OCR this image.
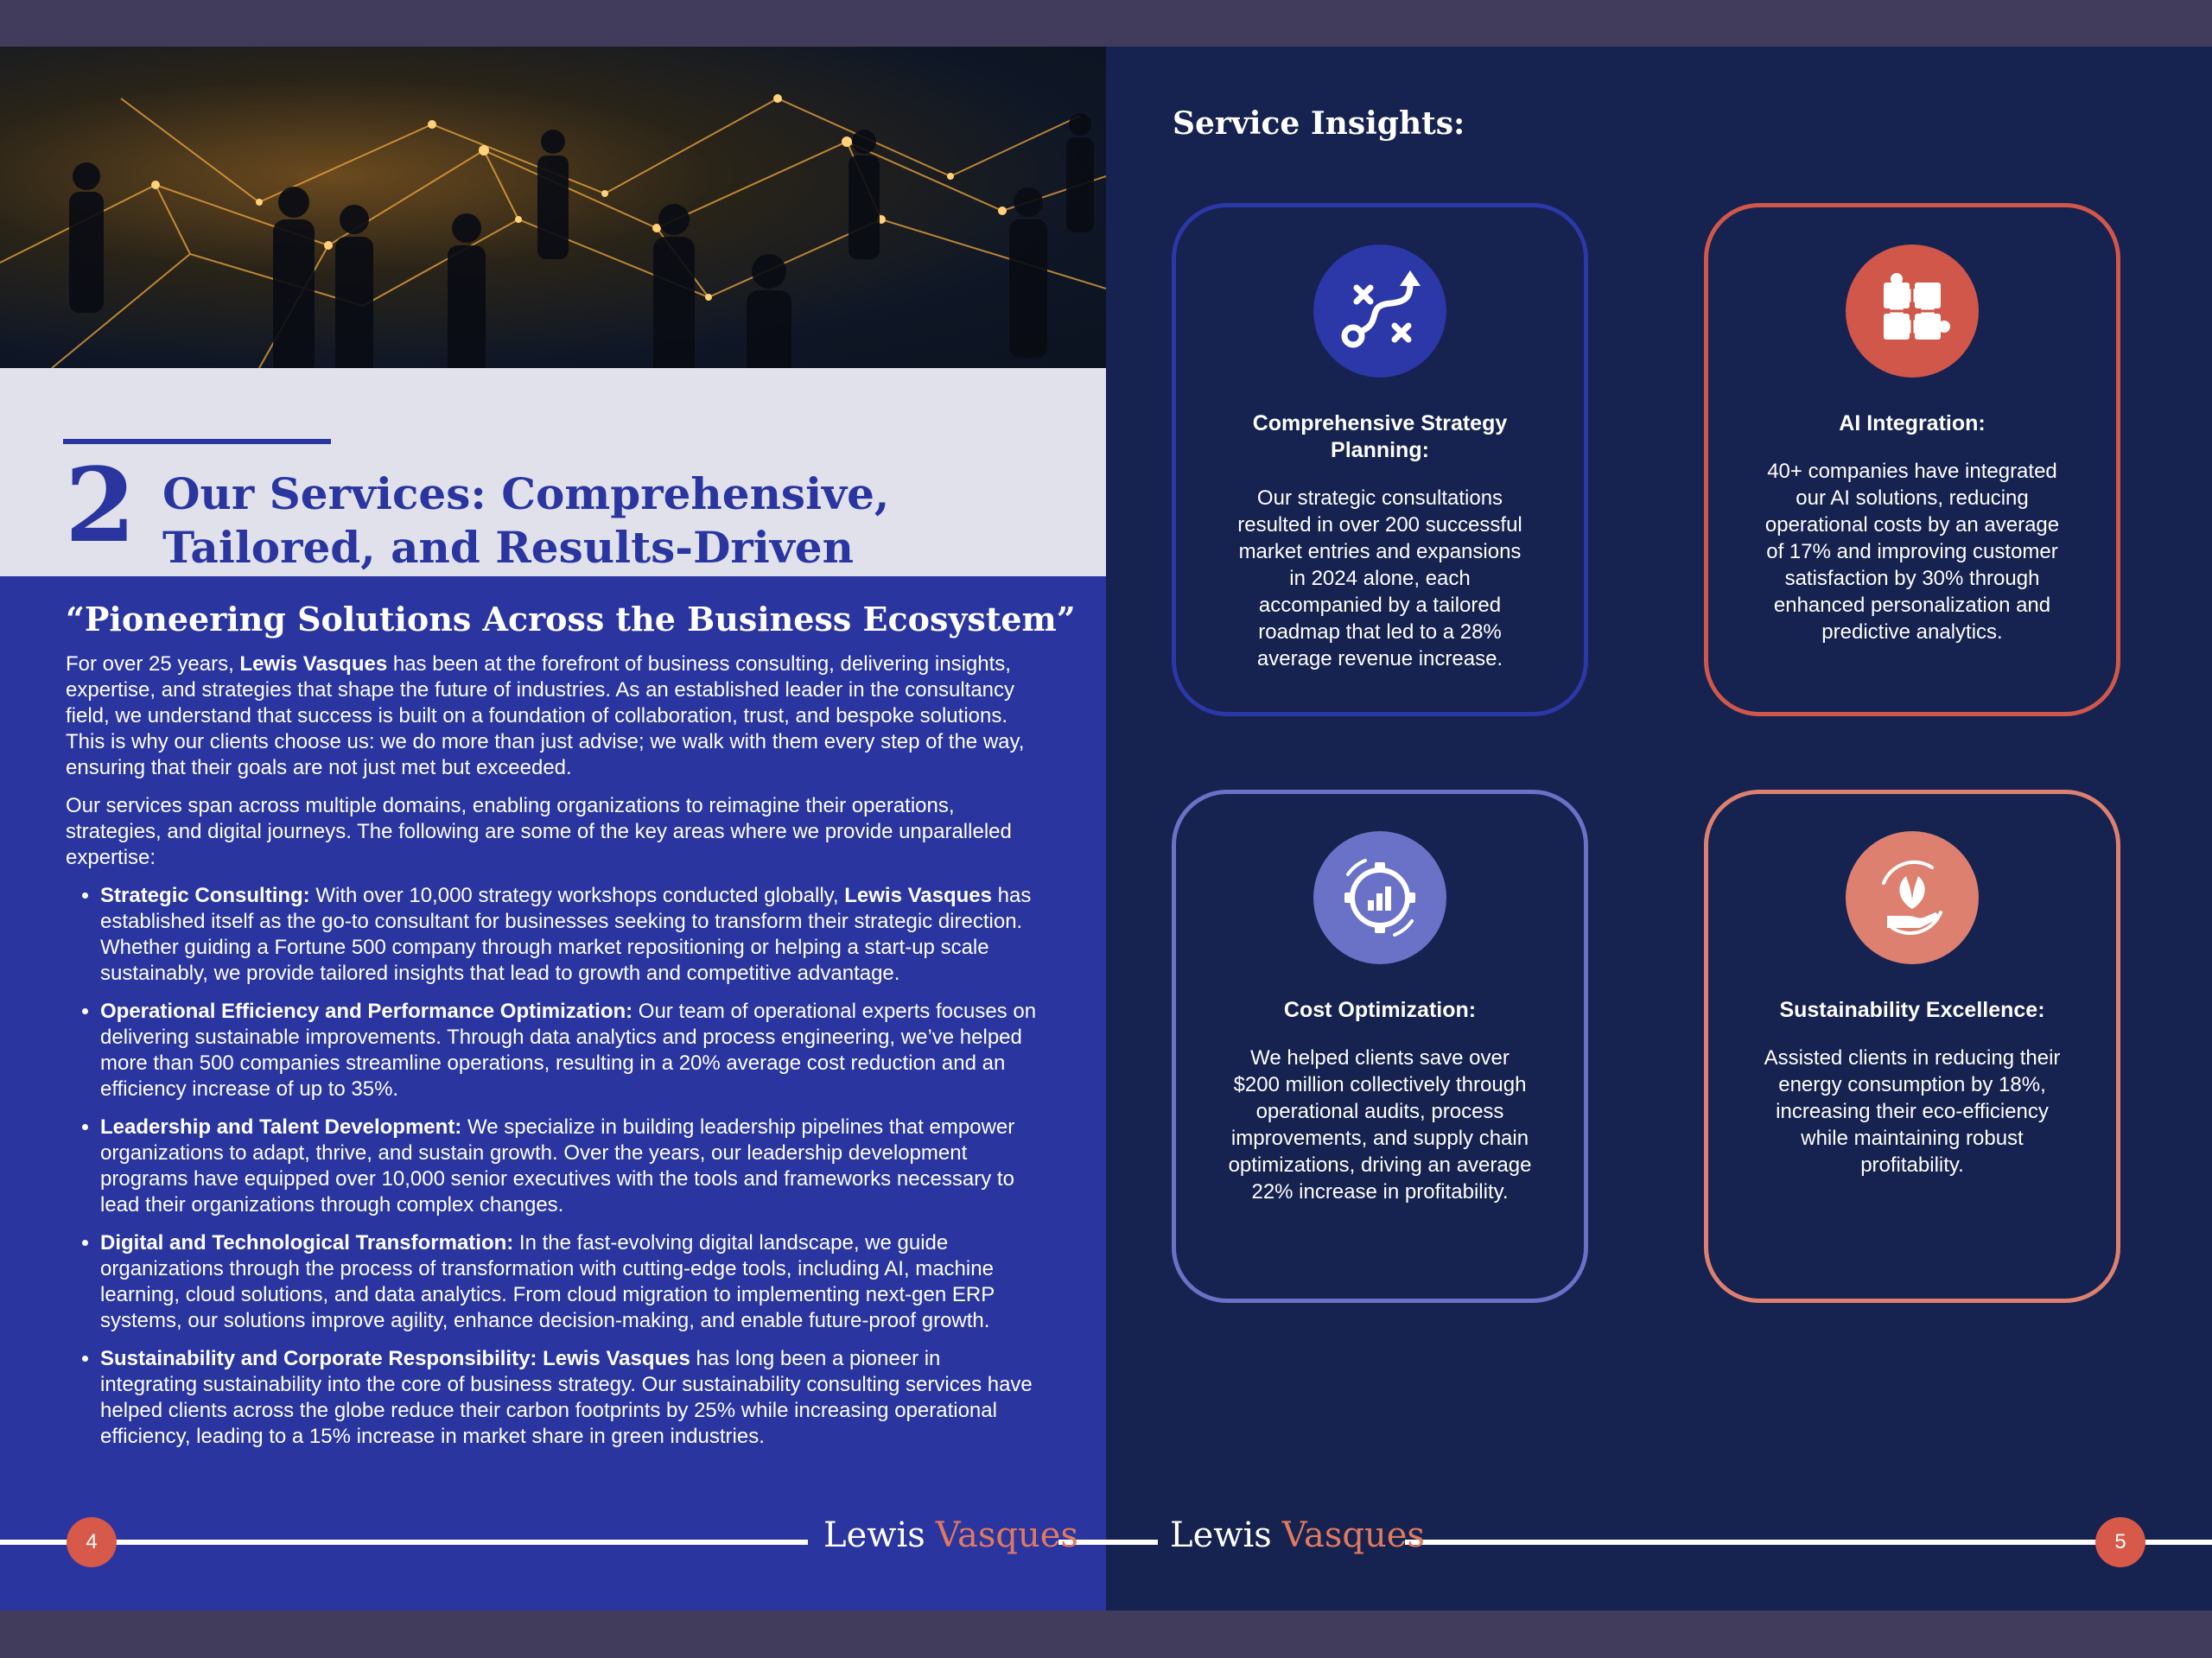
2 Our Services: Comprehensive,
Tailored, and Results-Driven
“Pioneering Solutions Across the Business Ecosystem”

For over 25 years, Lewis Vasques has been at the forefront of business consulting, delivering insights, expertise, and strategies that shape the future of industries. As an established leader in the consultancy field, we understand that success is built on a foundation of collaboration, trust, and bespoke solutions. This is why our clients choose us: we do more than just advise; we walk with them every step of the way, ensuring that their goals are not just met but exceeded.

Our services span across multiple domains, enabling organizations to reimagine their operations, strategies, and digital journeys. The following are some of the key areas where we provide unparalleled expertise:

• Strategic Consulting: With over 10,000 strategy workshops conducted globally, Lewis Vasques has established itself as the go-to consultant for businesses seeking to transform their strategic direction. Whether guiding a Fortune 500 company through market repositioning or helping a start-up scale sustainably, we provide tailored insights that lead to growth and competitive advantage.
• Operational Efficiency and Performance Optimization: Our team of operational experts focuses on delivering sustainable improvements. Through data analytics and process engineering, we’ve helped more than 500 companies streamline operations, resulting in a 20% average cost reduction and an efficiency increase of up to 35%.
• Leadership and Talent Development: We specialize in building leadership pipelines that empower organizations to adapt, thrive, and sustain growth. Over the years, our leadership development programs have equipped over 10,000 senior executives with the tools and frameworks necessary to lead their organizations through complex changes.
• Digital and Technological Transformation: In the fast-evolving digital landscape, we guide organizations through the process of transformation with cutting-edge tools, including AI, machine learning, cloud solutions, and data analytics. From cloud migration to implementing next-gen ERP systems, our solutions improve agility, enhance decision-making, and enable future-proof growth.
• Sustainability and Corporate Responsibility: Lewis Vasques has long been a pioneer in integrating sustainability into the core of business strategy. Our sustainability consulting services have helped clients across the globe reduce their carbon footprints by 25% while increasing operational efficiency, leading to a 15% increase in market share in green industries.
4	Lewis Vasques
Service Insights:
Comprehensive Strategy Planning:

Our strategic consultations resulted in over 200 successful market entries and expansions in 2024 alone, each accompanied by a tailored roadmap that led to a 28% average revenue increase.

AI Integration:

40+ companies have integrated our AI solutions, reducing operational costs by an average of 17% and improving customer satisfaction by 30% through enhanced personalization and predictive analytics.

Cost Optimization:

We helped clients save over $200 million collectively through operational audits, process improvements, and supply chain optimizations, driving an average 22% increase in profitability.

Sustainability Excellence:

Assisted clients in reducing their energy consumption by 18%, increasing their eco-efficiency while maintaining robust profitability.

Lewis Vasques	5
